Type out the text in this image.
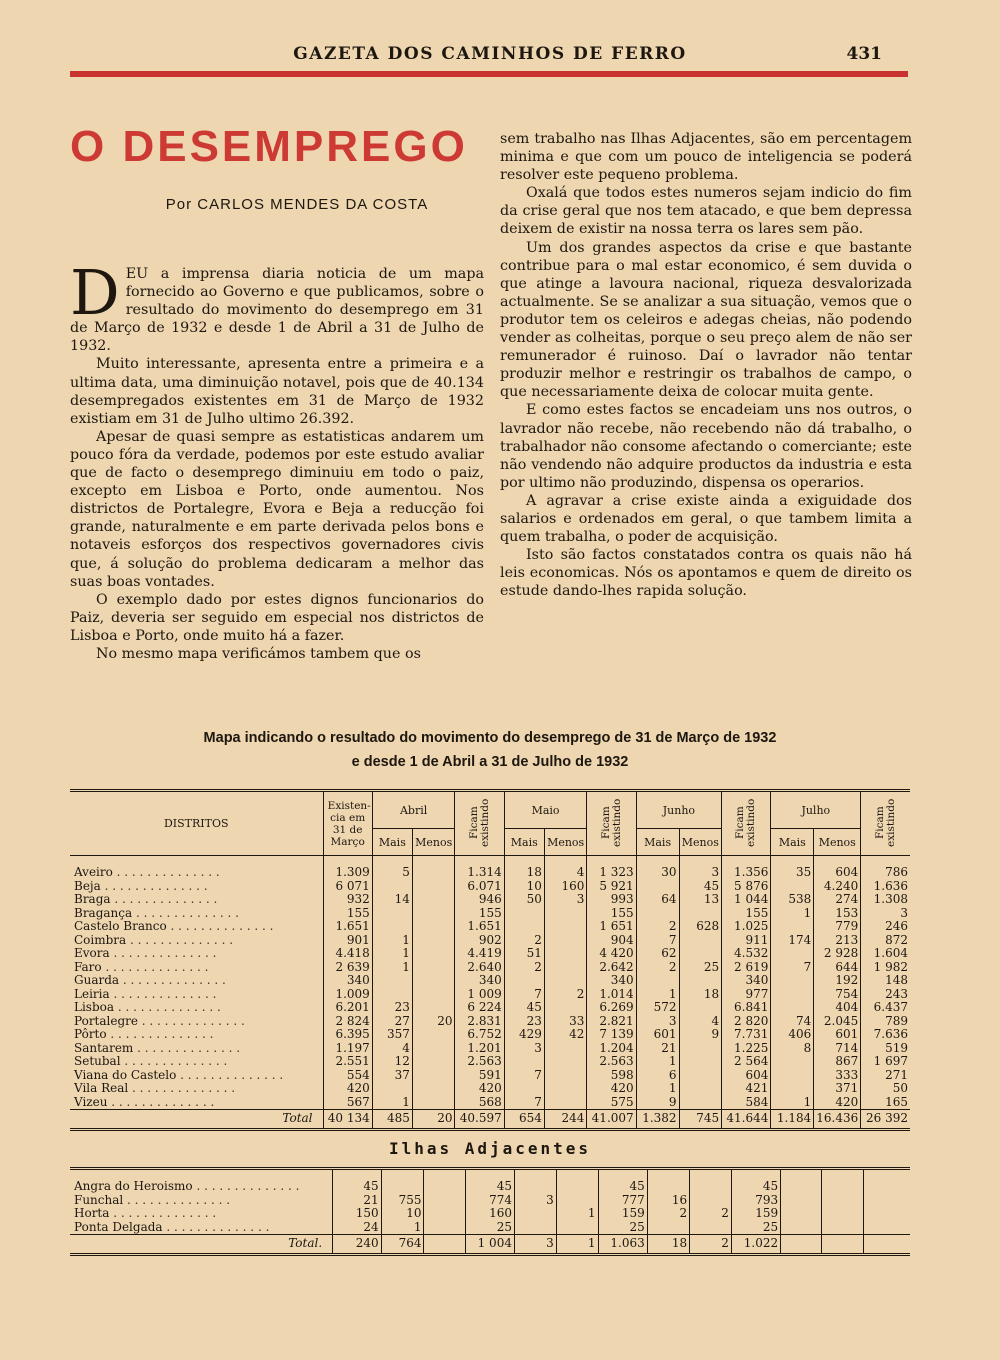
GAZETA DOS CAMINHOS DE FERRO	431
O DESEMPREGO
Por CARLOS MENDES DA COSTA

DEU a imprensa diaria noticia de um mapa fornecido ao Governo e que publicamos, sobre o resultado do movimento do desemprego em 31 de Março de 1932 e desde 1 de Abril a 31 de Julho de 1932.

Muito interessante, apresenta entre a primeira e a ultima data, uma diminuição notavel, pois que de 40.134 desempregados existentes em 31 de Março de 1932 existiam em 31 de Julho ultimo 26.392.

Apesar de quasi sempre as estatisticas andarem um pouco fóra da verdade, podemos por este estudo avaliar que de facto o desemprego diminuiu em todo o paiz, excepto em Lisboa e Porto, onde aumentou. Nos districtos de Portalegre, Evora e Beja a reducção foi grande, naturalmente e em parte derivada pelos bons e notaveis esforços dos respectivos governadores civis que, á solução do problema dedicaram a melhor das suas boas vontades.

O exemplo dado por estes dignos funcionarios do Paiz, deveria ser seguido em especial nos districtos de Lisboa e Porto, onde muito há a fazer.

No mesmo mapa verificámos tambem que os

sem trabalho nas Ilhas Adjacentes, são em percentagem minima e que com um pouco de inteligencia se poderá resolver este pequeno problema.

Oxalá que todos estes numeros sejam indicio do fim da crise geral que nos tem atacado, e que bem depressa deixem de existir na nossa terra os lares sem pão.

Um dos grandes aspectos da crise e que bastante contribue para o mal estar economico, é sem duvida o que atinge a lavoura nacional, riqueza desvalorizada actualmente. Se se analizar a sua situação, vemos que o produtor tem os celeiros e adegas cheias, não podendo vender as colheitas, porque o seu preço alem de não ser remunerador é ruinoso. Daí o lavrador não tentar produzir melhor e restringir os trabalhos de campo, o que necessariamente deixa de colocar muita gente.

E como estes factos se encadeiam uns nos outros, o lavrador não recebe, não recebendo não dá trabalho, o trabalhador não consome afectando o comerciante; este não vendendo não adquire productos da industria e esta por ultimo não produzindo, dispensa os operarios.

A agravar a crise existe ainda a exiguidade dos salarios e ordenados em geral, o que tambem limita a quem trabalha, o poder de acquisição.

Isto são factos constatados contra os quais não há leis economicas. Nós os apontamos e quem de direito os estude dando-lhes rapida solução.

Mapa indicando o resultado do movimento do desemprego de 31 de Março de 1932
e desde 1 de Abril a 31 de Julho de 1932
DISTRITOS	Existen-cia em 31 de Março	Abril		Ficam existindo	Maio		Ficam existindo	Junho		Ficam existindo	Julho		Ficam existindo
		Mais	Menos		Mais	Menos		Mais	Menos		Mais	Menos	
Aveiro . . . . . . . . . . . . . .	1.309	5		1.314	18	4	1 323	30	3	1.356	35	604	786
Beja . . . . . . . . . . . . . .	6 071			6.071	10	160	5 921		45	5 876		4.240	1.636
Braga . . . . . . . . . . . . . .	932	14		946	50	3	993	64	13	1 044	538	274	1.308
Bragança . . . . . . . . . . . . . .	155			155			155			155	1	153	3
Castelo Branco . . . . . . . . . . . . . .	1.651			1.651			1 651	2	628	1.025		779	246
Coimbra . . . . . . . . . . . . . .	901	1		902	2		904	7		911	174	213	872
Evora . . . . . . . . . . . . . .	4.418	1		4.419	51		4 420	62		4.532		2 928	1.604
Faro . . . . . . . . . . . . . .	2 639	1		2.640	2		2.642	2	25	2 619	7	644	1 982
Guarda . . . . . . . . . . . . . .	340			340			340			340		192	148
Leiria . . . . . . . . . . . . . .	1.009			1 009	7	2	1.014	1	18	977		754	243
Lisboa . . . . . . . . . . . . . .	6.201	23		6 224	45		6.269	572		6.841		404	6.437
Portalegre . . . . . . . . . . . . . .	2 824	27	20	2.831	23	33	2.821	3	4	2 820	74	2.045	789
Pôrto . . . . . . . . . . . . . .	6.395	357		6.752	429	42	7 139	601	9	7.731	406	601	7.636
Santarem . . . . . . . . . . . . . .	1.197	4		1.201	3		1.204	21		1.225	8	714	519
Setubal . . . . . . . . . . . . . .	2.551	12		2.563			2.563	1		2 564		867	1 697
Viana do Castelo . . . . . . . . . . . . . .	554	37		591	7		598	6		604		333	271
Vila Real . . . . . . . . . . . . . .	420			420			420	1		421		371	50
Vizeu . . . . . . . . . . . . . .	567	1		568	7		575	9		584	1	420	165
Total	40 134	485	20	40.597	654	244	41.007	1.382	745	41.644	1.184	16.436	26 392
Ilhas Adjacentes
Angra do Heroismo . . . . . . . . . . . . . .	45			45			45			45			
Funchal . . . . . . . . . . . . . .	21	755		774	3		777	16		793			
Horta . . . . . . . . . . . . . .	150	10		160		1	159	2	2	159			
Ponta Delgada . . . . . . . . . . . . . .	24	1		25			25			25			
Total.	240	764		1 004	3	1	1.063	18	2	1.022			
